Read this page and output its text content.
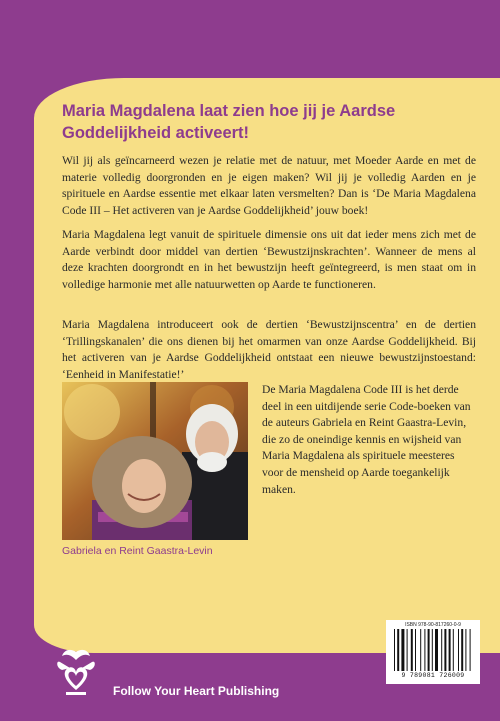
Maria Magdalena laat zien hoe jij je Aardse Goddelijkheid activeert!

Wil jij als geïncarneerd wezen je relatie met de natuur, met Moeder Aarde en met de materie volledig doorgronden en je eigen maken? Wil jij je volledig Aarden en je spirituele en Aardse essentie met elkaar laten versmelten? Dan is ‘De Maria Magdalena Code III – Het activeren van je Aardse Goddelijkheid’ jouw boek!

Maria Magdalena legt vanuit de spirituele dimensie ons uit dat ieder mens zich met de Aarde verbindt door middel van dertien ‘Bewustzijnskrachten’. Wanneer de mens al deze krachten doorgrondt en in het bewustzijn heeft geïntegreerd, is men staat om in volledige harmonie met alle natuurwetten op Aarde te functioneren.

Maria Magdalena introduceert ook de dertien ‘Bewustzijnscentra’ en de dertien ‘Trillingskanalen’ die ons dienen bij het omarmen van onze Aardse Goddelijkheid. Bij het activeren van je Aardse Goddelijkheid ontstaat een nieuwe bewustzijnstoestand: ‘Eenheid in Manifestatie!’

Gabriela en Reint Gaastra-Levin

De Maria Magdalena Code III is het derde deel in een uitdijende serie Code-boeken van de auteurs Gabriela en Reint Gaastra-Levin, die zo de oneindige kennis en wijsheid van Maria Magdalena als spirituele meesteres voor de mensheid op Aarde toegankelijk maken.

ISBN 978-90-817260-0-9
9 789081 726009

Follow Your Heart Publishing
